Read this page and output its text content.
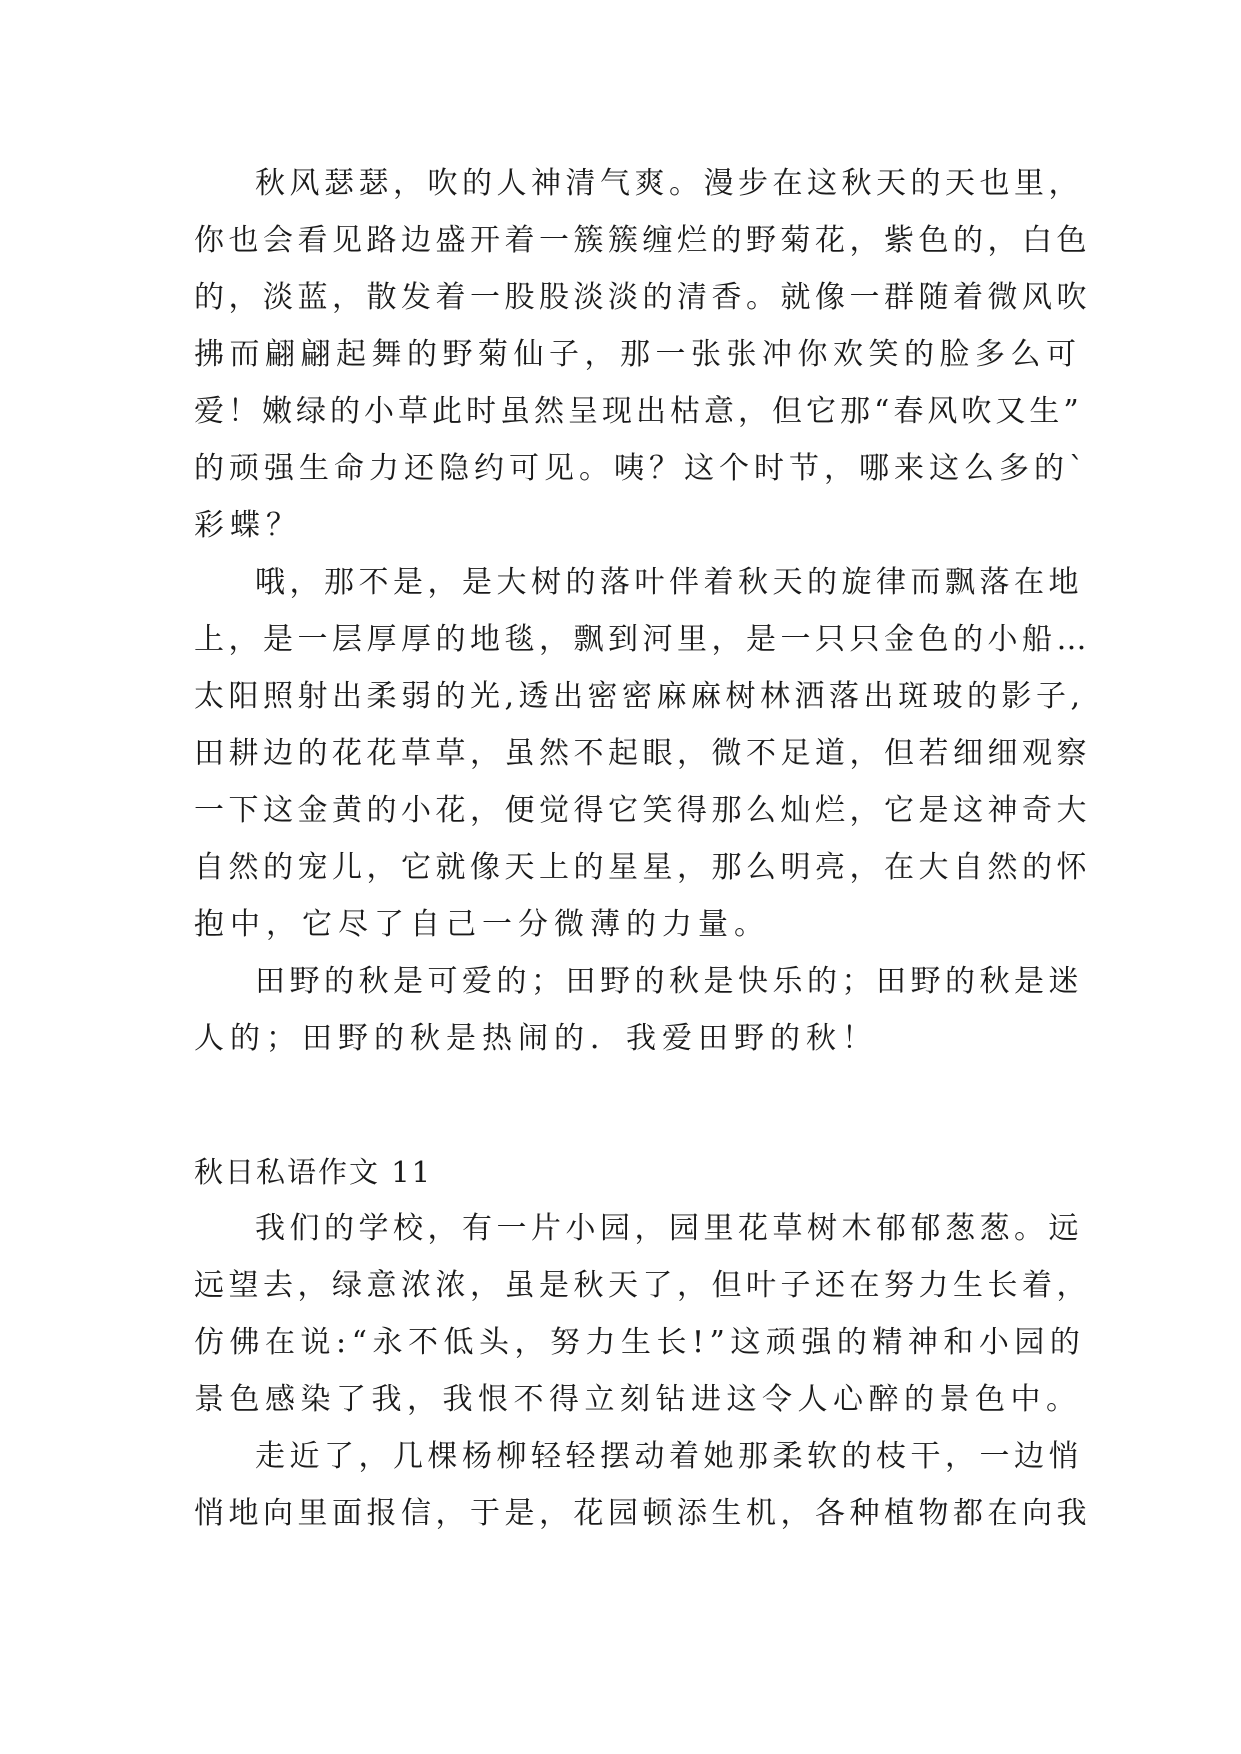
秋风瑟瑟，吹的人神清气爽。漫步在这秋天的天也里，
你也会看见路边盛开着一簇簇缠烂的野菊花，紫色的，白色
的，淡蓝，散发着一股股淡淡的清香。就像一群随着微风吹
拂而翩翩起舞的野菊仙子，那一张张冲你欢笑的脸多么可
爱！嫩绿的小草此时虽然呈现出枯意，但它那“春风吹又生”
的顽强生命力还隐约可见。咦？这个时节，哪来这么多的`
彩蝶？
哦，那不是，是大树的落叶伴着秋天的旋律而飘落在地
上，是一层厚厚的地毯，飘到河里，是一只只金色的小船…
太阳照射出柔弱的光,透出密密麻麻树林洒落出斑玻的影子,
田耕边的花花草草，虽然不起眼，微不足道，但若细细观察
一下这金黄的小花，便觉得它笑得那么灿烂，它是这神奇大
自然的宠儿，它就像天上的星星，那么明亮，在大自然的怀
抱中，它尽了自己一分微薄的力量。
田野的秋是可爱的；田野的秋是快乐的；田野的秋是迷
人的；田野的秋是热闹的．我爱田野的秋！
秋日私语作文 11
我们的学校，有一片小园，园里花草树木郁郁葱葱。远
远望去，绿意浓浓，虽是秋天了，但叶子还在努力生长着，
仿佛在说:“永不低头，努力生长!”这顽强的精神和小园的
景色感染了我，我恨不得立刻钻进这令人心醉的景色中。
走近了，几棵杨柳轻轻摆动着她那柔软的枝干，一边悄
悄地向里面报信，于是，花园顿添生机，各种植物都在向我
